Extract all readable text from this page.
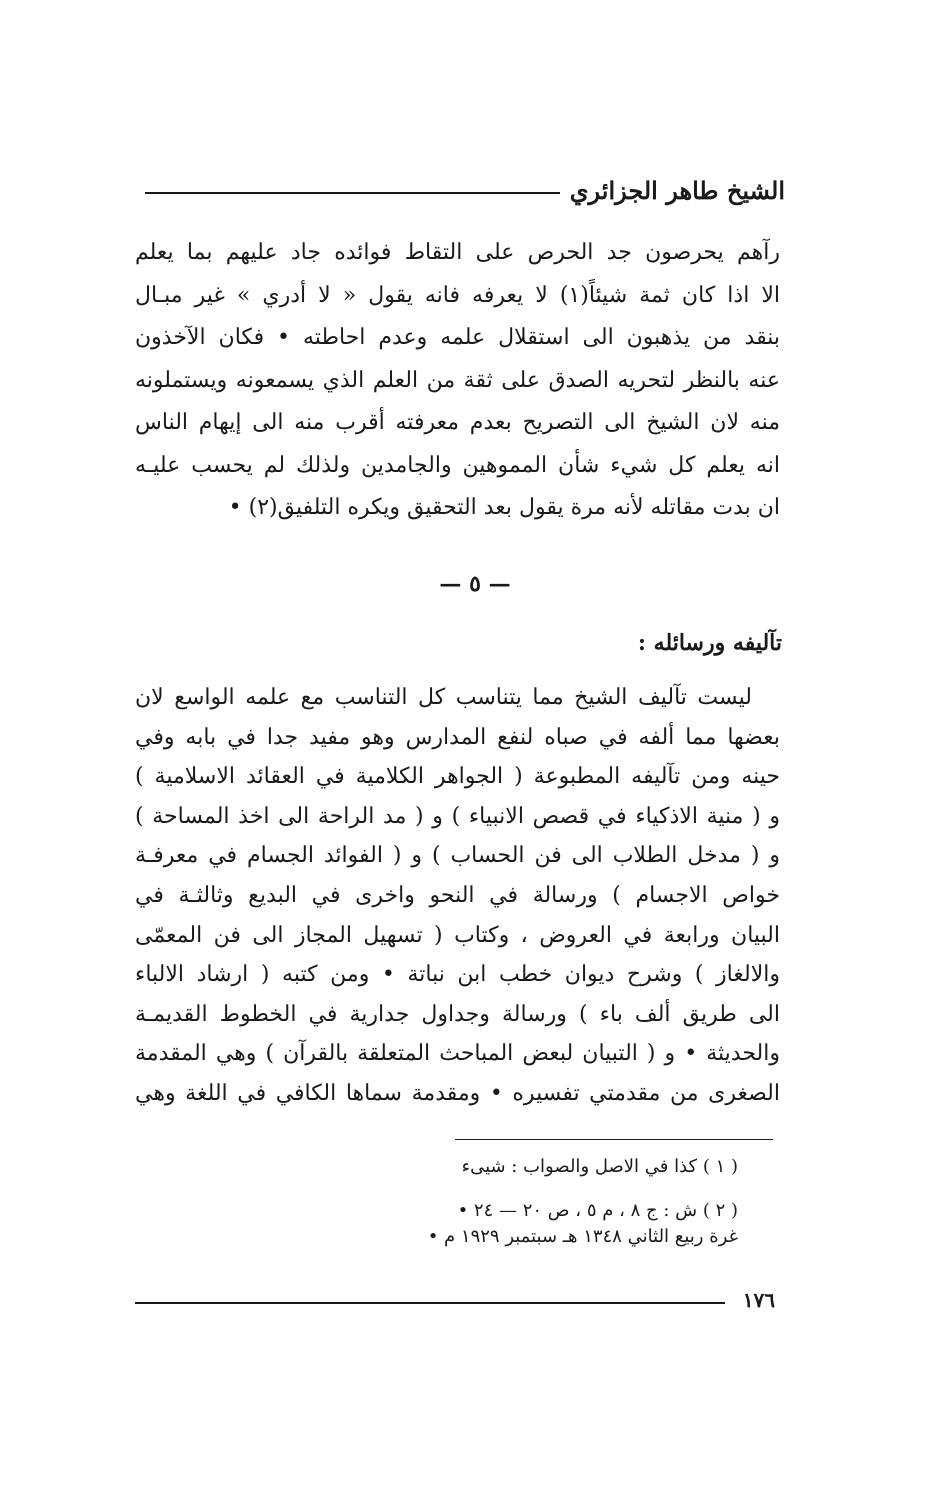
الشيخ طاهر الجزائري
رآهم يحرصون جد الحرص على التقاط فوائده جاد عليهم بما يعلم
الا اذا كان ثمة شيئاً(١) لا يعرفه فانه يقول « لا أدري » غير مبـال
بنقد من يذهبون الى استقلال علمه وعدم احاطته • فكان الآخذون
عنه بالنظر لتحريه الصدق على ثقة من العلم الذي يسمعونه ويستملونه
منه لان الشيخ الى التصريح بعدم معرفته أقرب منه الى إيهام الناس
انه يعلم كل شيء شأن المموهين والجامدين ولذلك لم يحسب عليـه
ان بدت مقاتله لأنه مرة يقول بعد التحقيق ويكره التلفيق(٢) •
— ٥ —
تآليفه ورسائله :
ليست تآليف الشيخ مما يتناسب كل التناسب مع علمه الواسع لان
بعضها مما ألفه في صباه لنفع المدارس وهو مفيد جدا في بابه وفي
حينه ومن تآليفه المطبوعة ( الجواهر الكلامية في العقائد الاسلامية )
و ( منية الاذكياء في قصص الانبياء ) و ( مد الراحة الى اخذ المساحة )
و ( مدخل الطلاب الى فن الحساب ) و ( الفوائد الجسام في معرفـة
خواص الاجسام ) ورسالة في النحو واخرى في البديع وثالثـة في
البيان ورابعة في العروض ، وكتاب ( تسهيل المجاز الى فن المعمّى
والالغاز ) وشرح ديوان خطب ابن نباتة • ومن كتبه ( ارشاد الالباء
الى طريق ألف باء ) ورسالة وجداول جدارية في الخطوط القديمـة
والحديثة • و ( التبيان لبعض المباحث المتعلقة بالقرآن ) وهي المقدمة
الصغرى من مقدمتي تفسيره • ومقدمة سماها الكافي في اللغة وهي
( ١ ) كذا في الاصل والصواب : شيىء
( ٢ ) ش : ج ٨ ، م ٥ ، ص ٢٠ — ٢٤ •
غرة ربيع الثاني ١٣٤٨ هـ سبتمبر ١٩٢٩ م •
١٧٦
